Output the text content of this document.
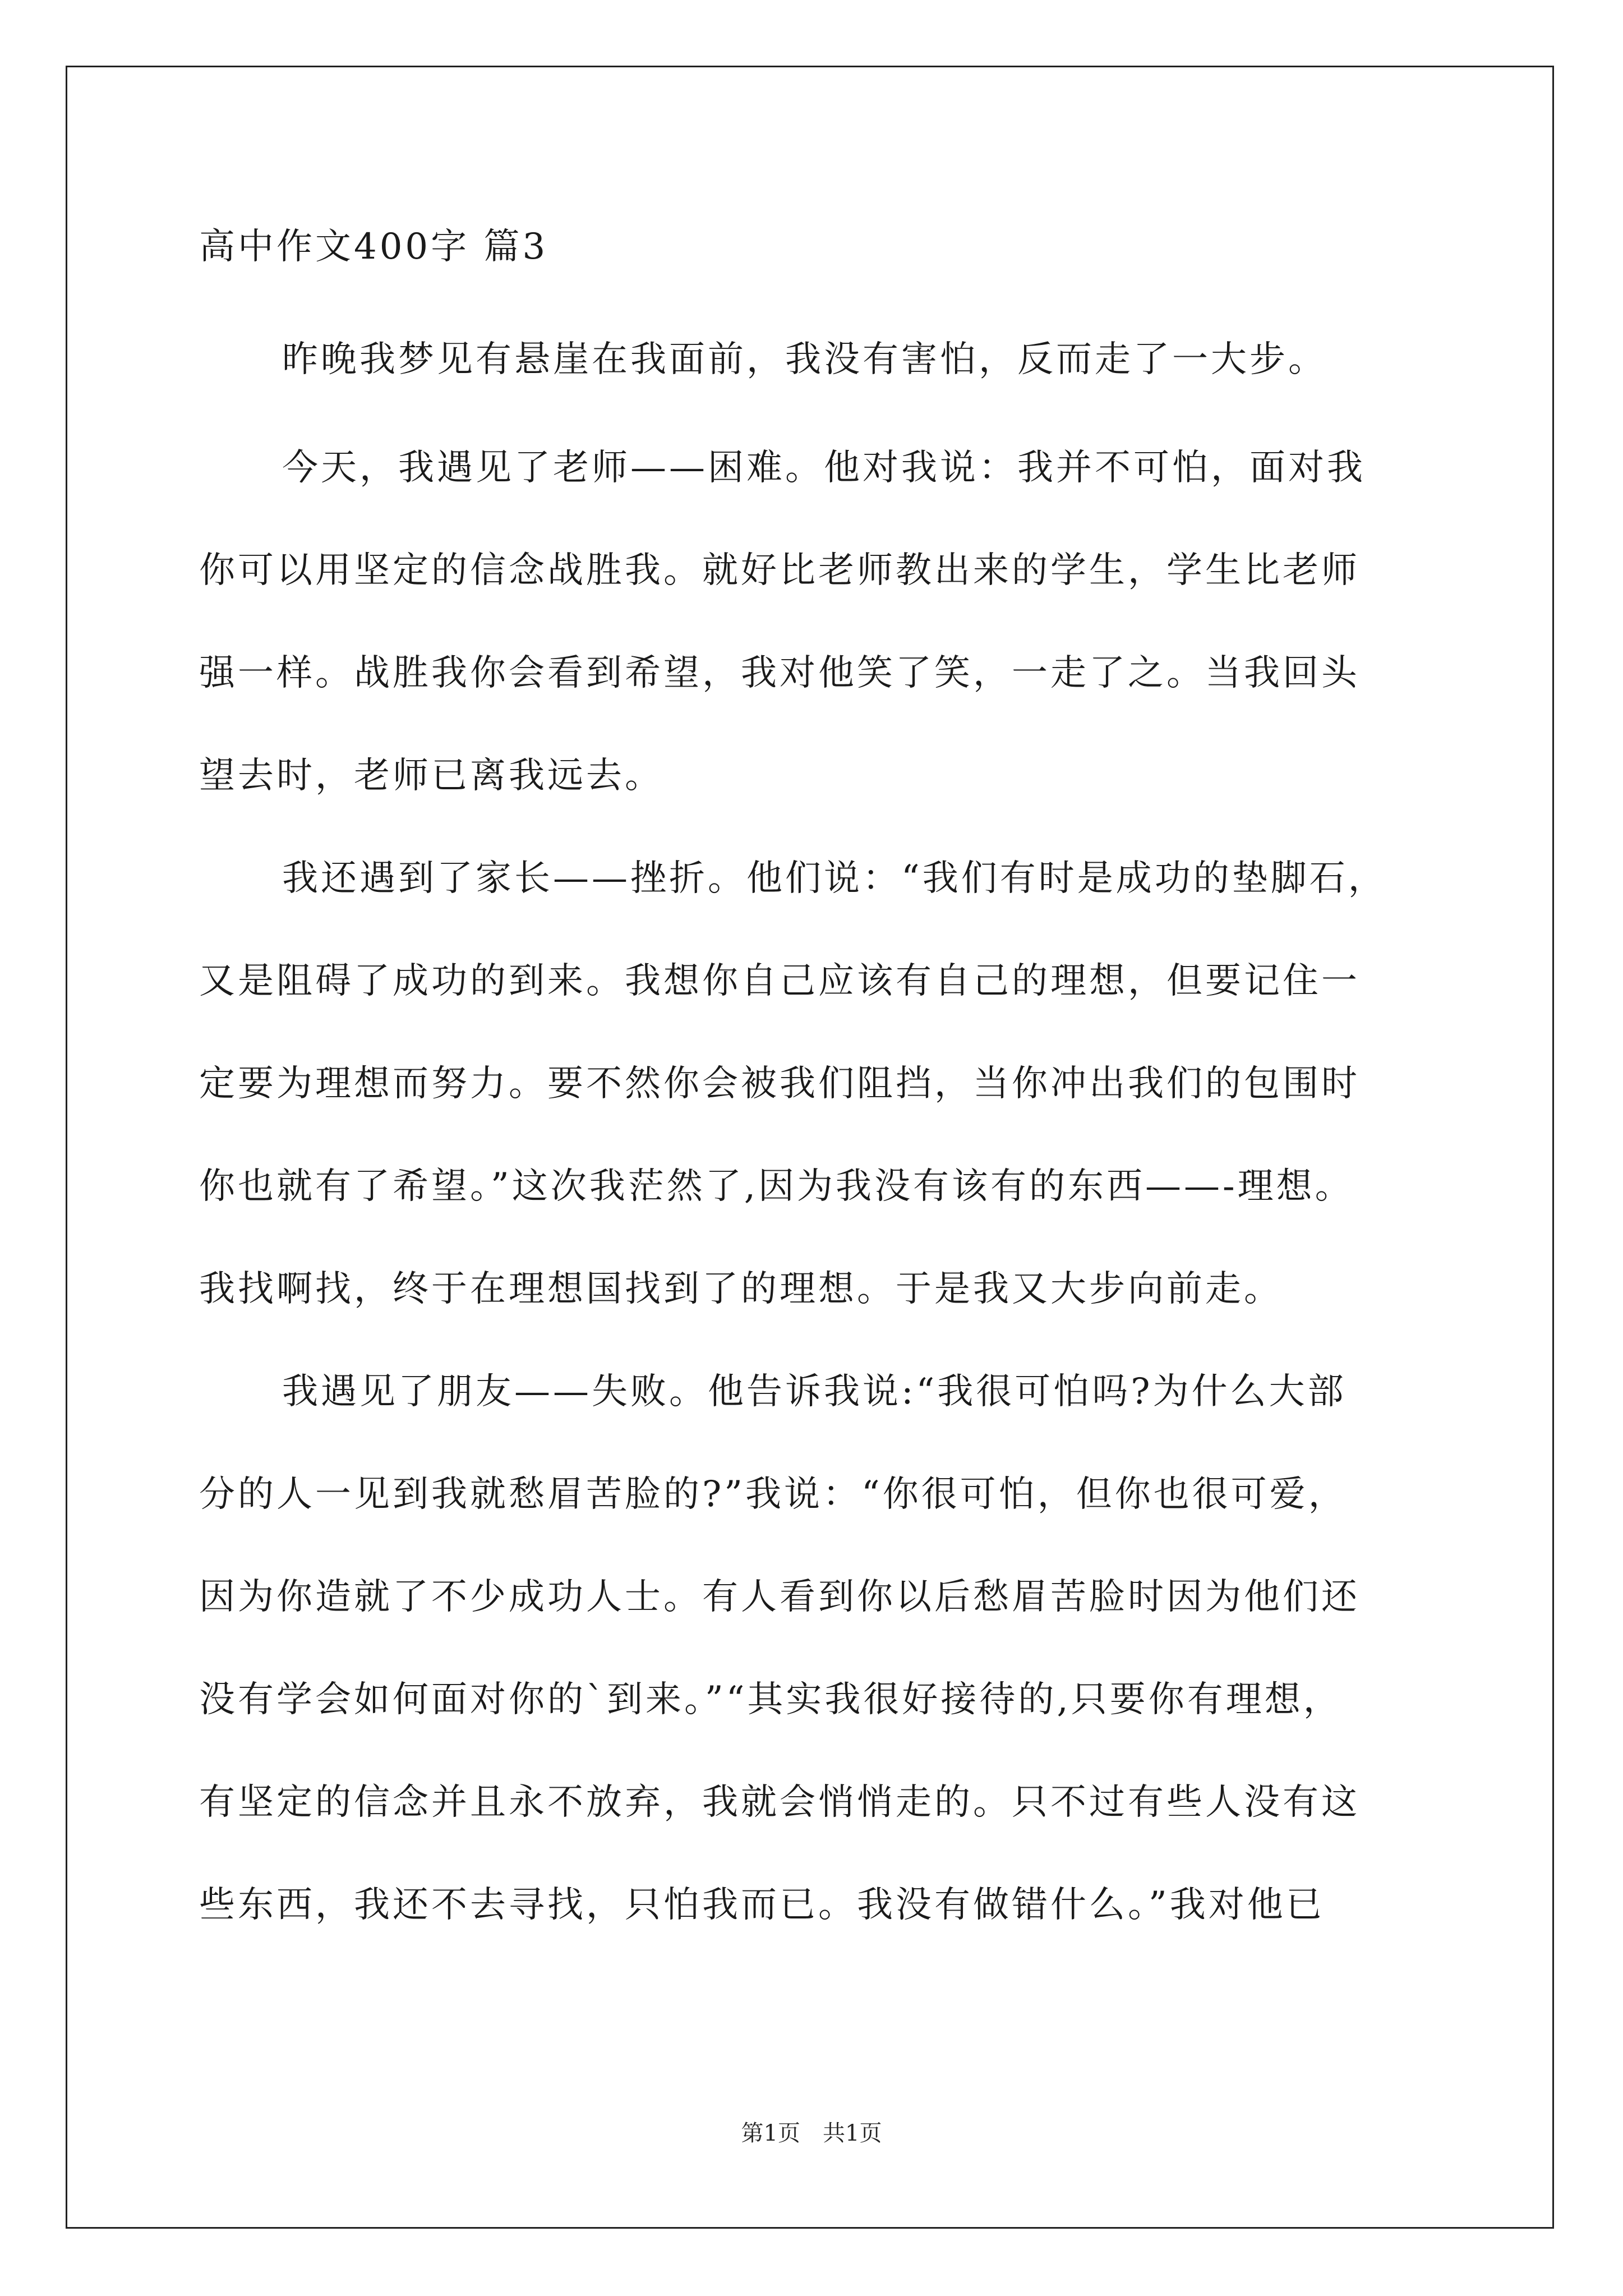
高中作文400字 篇3
昨晚我梦见有悬崖在我面前，我没有害怕，反而走了一大步。
今天，我遇见了老师——困难。他对我说：我并不可怕，面对我
你可以用坚定的信念战胜我。就好比老师教出来的学生，学生比老师
强一样。战胜我你会看到希望，我对他笑了笑，一走了之。当我回头
望去时，老师已离我远去。
我还遇到了家长——挫折。他们说：“我们有时是成功的垫脚石，
又是阻碍了成功的到来。我想你自己应该有自己的理想，但要记住一
定要为理想而努力。要不然你会被我们阻挡，当你冲出我们的包围时
你也就有了希望。”这次我茫然了,因为我没有该有的东西——-理想。
我找啊找，终于在理想国找到了的理想。于是我又大步向前走。
我遇见了朋友——失败。他告诉我说:“我很可怕吗?为什么大部
分的人一见到我就愁眉苦脸的?”我说：“你很可怕，但你也很可爱，
因为你造就了不少成功人士。有人看到你以后愁眉苦脸时因为他们还
没有学会如何面对你的`到来。”“其实我很好接待的,只要你有理想，
有坚定的信念并且永不放弃，我就会悄悄走的。只不过有些人没有这
些东西，我还不去寻找，只怕我而已。我没有做错什么。”我对他已
第1页 共1页
